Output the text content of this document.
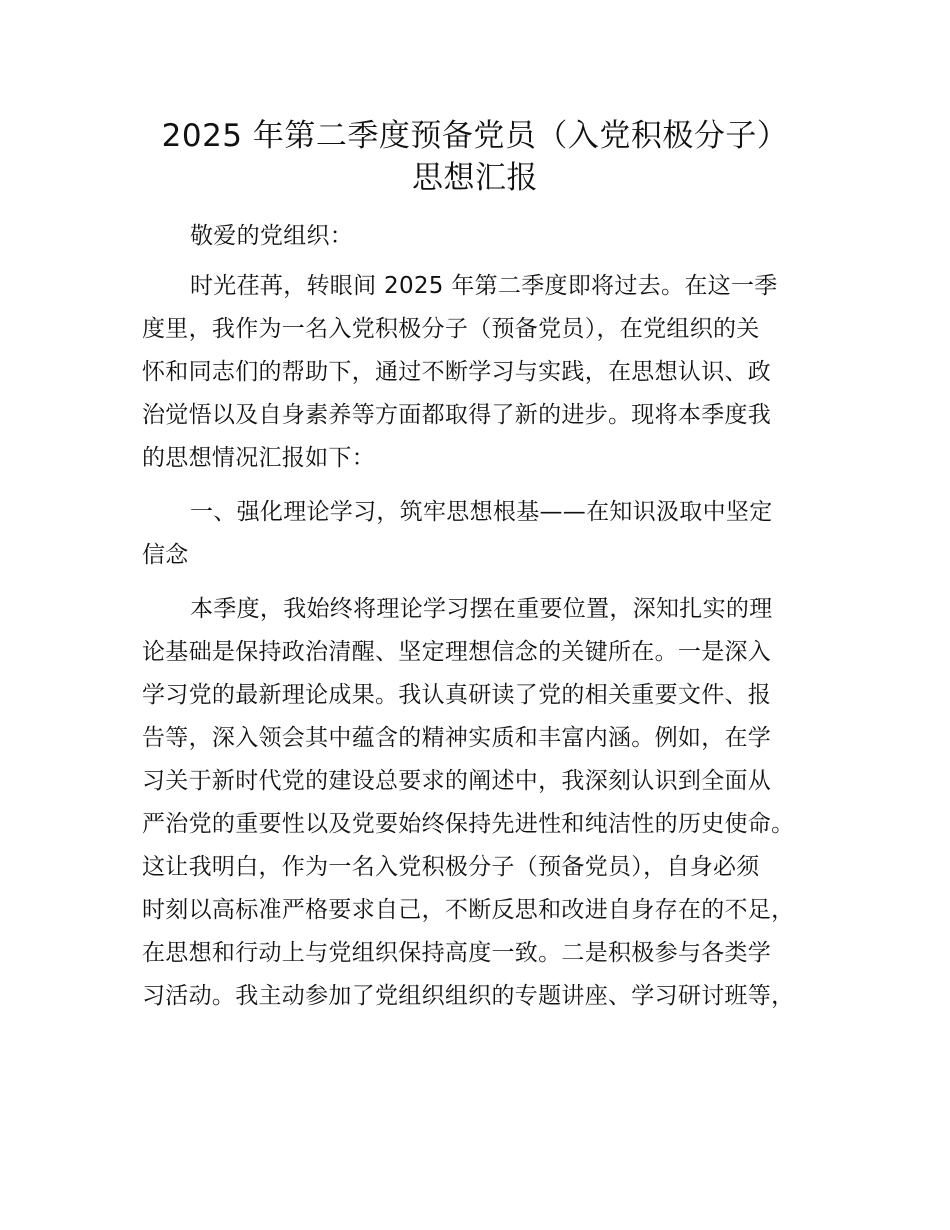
2025 年第二季度预备党员（入党积极分子）
思想汇报
敬爱的党组织：
时光荏苒，转眼间 2025 年第二季度即将过去。在这一季
度里，我作为一名入党积极分子（预备党员），在党组织的关
怀和同志们的帮助下，通过不断学习与实践，在思想认识、政
治觉悟以及自身素养等方面都取得了新的进步。现将本季度我
的思想情况汇报如下：
一、强化理论学习，筑牢思想根基——在知识汲取中坚定
信念
本季度，我始终将理论学习摆在重要位置，深知扎实的理
论基础是保持政治清醒、坚定理想信念的关键所在。一是深入
学习党的最新理论成果。我认真研读了党的相关重要文件、报
告等，深入领会其中蕴含的精神实质和丰富内涵。例如，在学
习关于新时代党的建设总要求的阐述中，我深刻认识到全面从
严治党的重要性以及党要始终保持先进性和纯洁性的历史使命。
这让我明白，作为一名入党积极分子（预备党员），自身必须
时刻以高标准严格要求自己，不断反思和改进自身存在的不足，
在思想和行动上与党组织保持高度一致。二是积极参与各类学
习活动。我主动参加了党组织组织的专题讲座、学习研讨班等，
